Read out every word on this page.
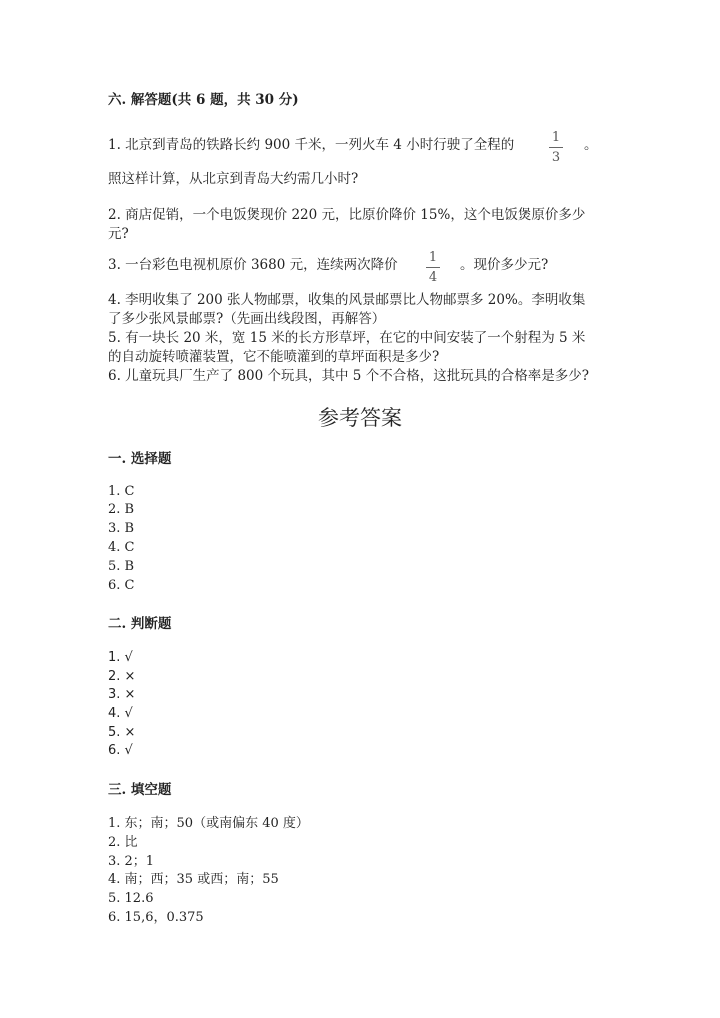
六. 解答题(共 6 题，共 30 分)
1. 北京到青岛的铁路长约 900 千米，一列火车 4 小时行驶了全程的	1
3
。
照这样计算，从北京到青岛大约需几小时?
2. 商店促销，一个电饭煲现价 220 元，比原价降价 15%，这个电饭煲原价多少
元?
3. 一台彩色电视机原价 3680 元，连续两次降价 1
4
。现价多少元?
4. 李明收集了 200 张人物邮票，收集的风景邮票比人物邮票多 20%。李明收集
了多少张风景邮票?（先画出线段图，再解答）
5. 有一块长 20 米，宽 15 米的长方形草坪，在它的中间安装了一个射程为 5 米
的自动旋转喷灌装置，它不能喷灌到的草坪面积是多少?
6. 儿童玩具厂生产了 800 个玩具，其中 5 个不合格，这批玩具的合格率是多少?
参考答案
一. 选择题
1. C
2. B
3. B
4. C
5. B
6. C
二. 判断题
1. √
2. ×
3. ×
4. √
5. ×
6. √
三. 填空题
1. 东；南；50（或南偏东 40 度）
2. 比
3. 2；1
4. 南；西；35 或西；南；55
5. 12.6
6. 15,6，0.375
